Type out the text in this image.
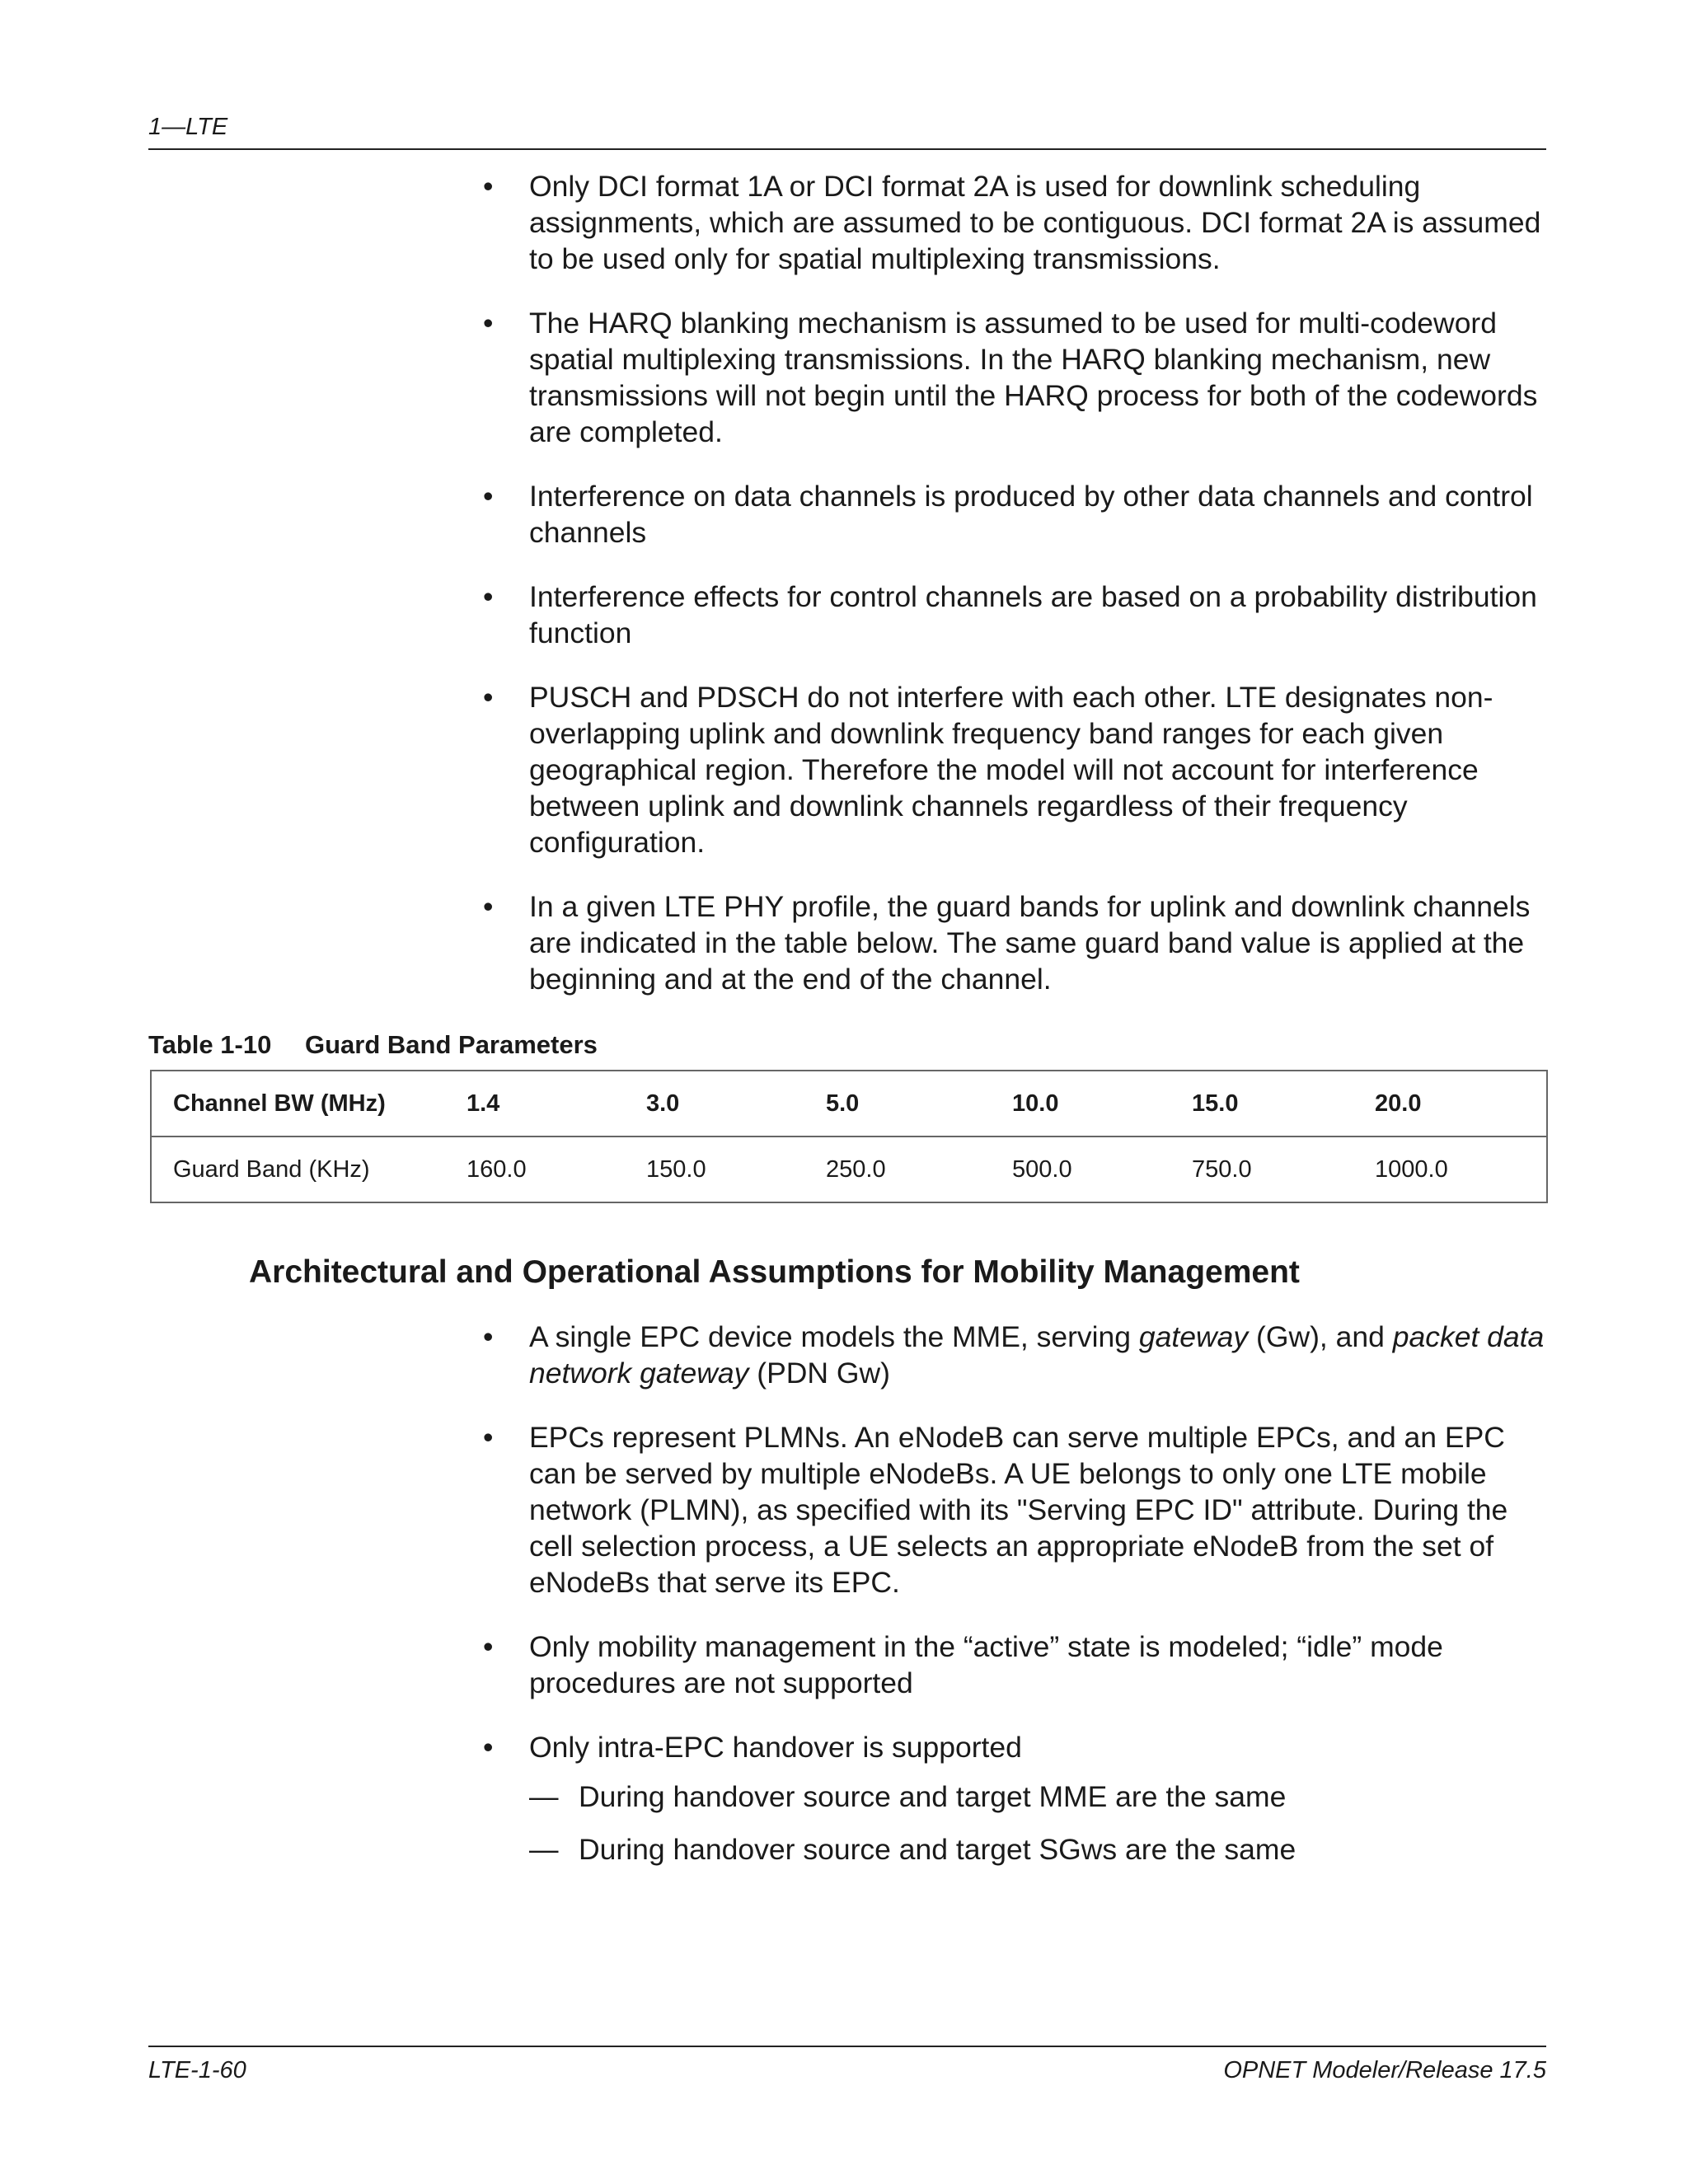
1—LTE
• Only DCI format 1A or DCI format 2A is used for downlink scheduling assignments, which are assumed to be contiguous. DCI format 2A is assumed to be used only for spatial multiplexing transmissions.
• The HARQ blanking mechanism is assumed to be used for multi-codeword spatial multiplexing transmissions. In the HARQ blanking mechanism, new transmissions will not begin until the HARQ process for both of the codewords are completed.
• Interference on data channels is produced by other data channels and control channels
• Interference effects for control channels are based on a probability distribution function
• PUSCH and PDSCH do not interfere with each other. LTE designates non-overlapping uplink and downlink frequency band ranges for each given geographical region. Therefore the model will not account for interference between uplink and downlink channels regardless of their frequency configuration.
• In a given LTE PHY profile, the guard bands for uplink and downlink channels are indicated in the table below. The same guard band value is applied at the beginning and at the end of the channel.
Table 1-10 Guard Band Parameters
Channel BW (MHz)	1.4	3.0	5.0	10.0	15.0	20.0
Guard Band (KHz)	160.0	150.0	250.0	500.0	750.0	1000.0
Architectural and Operational Assumptions for Mobility Management
• A single EPC device models the MME, serving gateway (Gw), and packet data network gateway (PDN Gw)
• EPCs represent PLMNs. An eNodeB can serve multiple EPCs, and an EPC can be served by multiple eNodeBs. A UE belongs to only one LTE mobile network (PLMN), as specified with its "Serving EPC ID" attribute. During the cell selection process, a UE selects an appropriate eNodeB from the set of eNodeBs that serve its EPC.
• Only mobility management in the “active” state is modeled; “idle” mode procedures are not supported
• Only intra-EPC handover is supported
— During handover source and target MME are the same
— During handover source and target SGws are the same
LTE-1-60	OPNET Modeler/Release 17.5
